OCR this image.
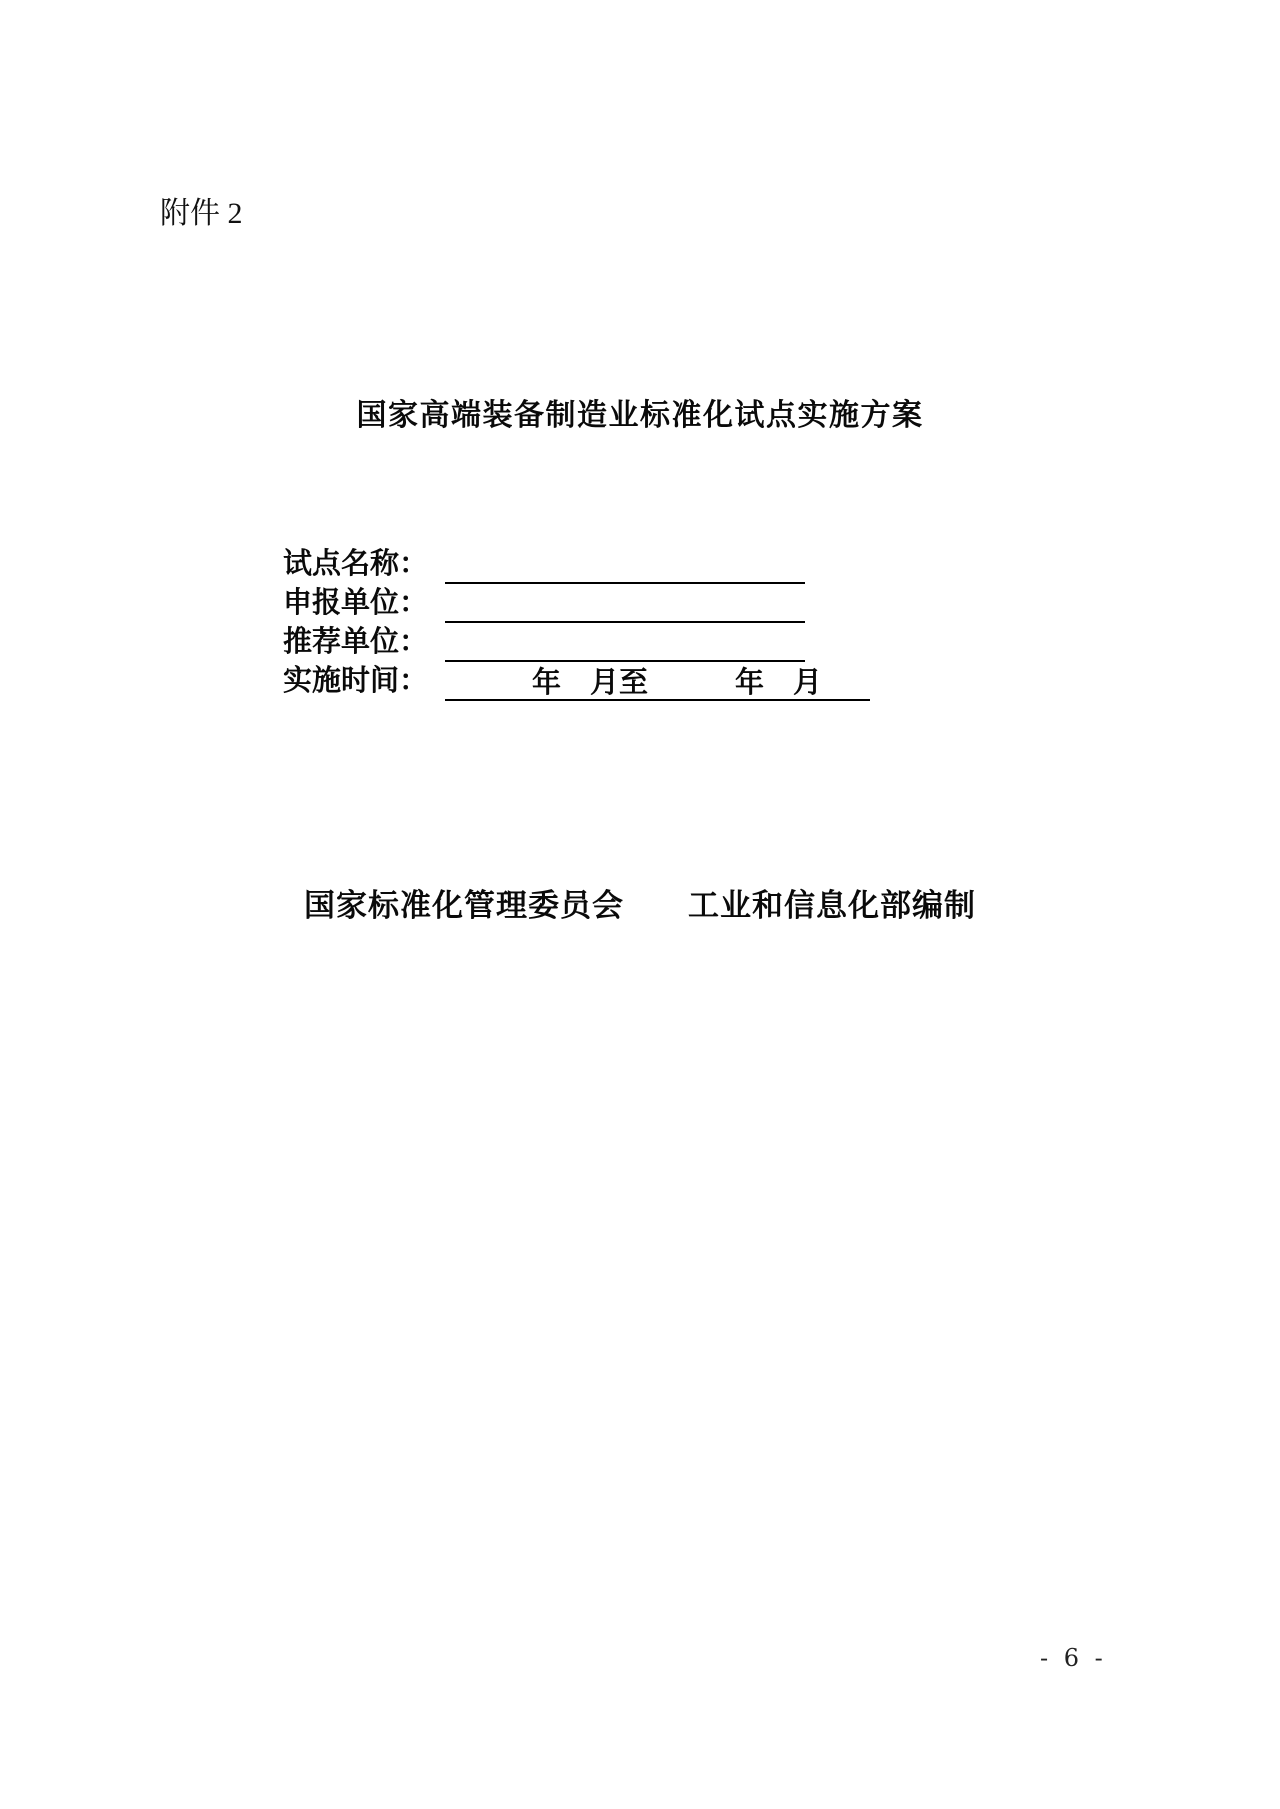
附件 2
国家高端装备制造业标准化试点实施方案
试点名称：
申报单位：
推荐单位：
实施时间： 　　　年　月至　　　年　月
国家标准化管理委员会　　工业和信息化部编制
- 6 -
